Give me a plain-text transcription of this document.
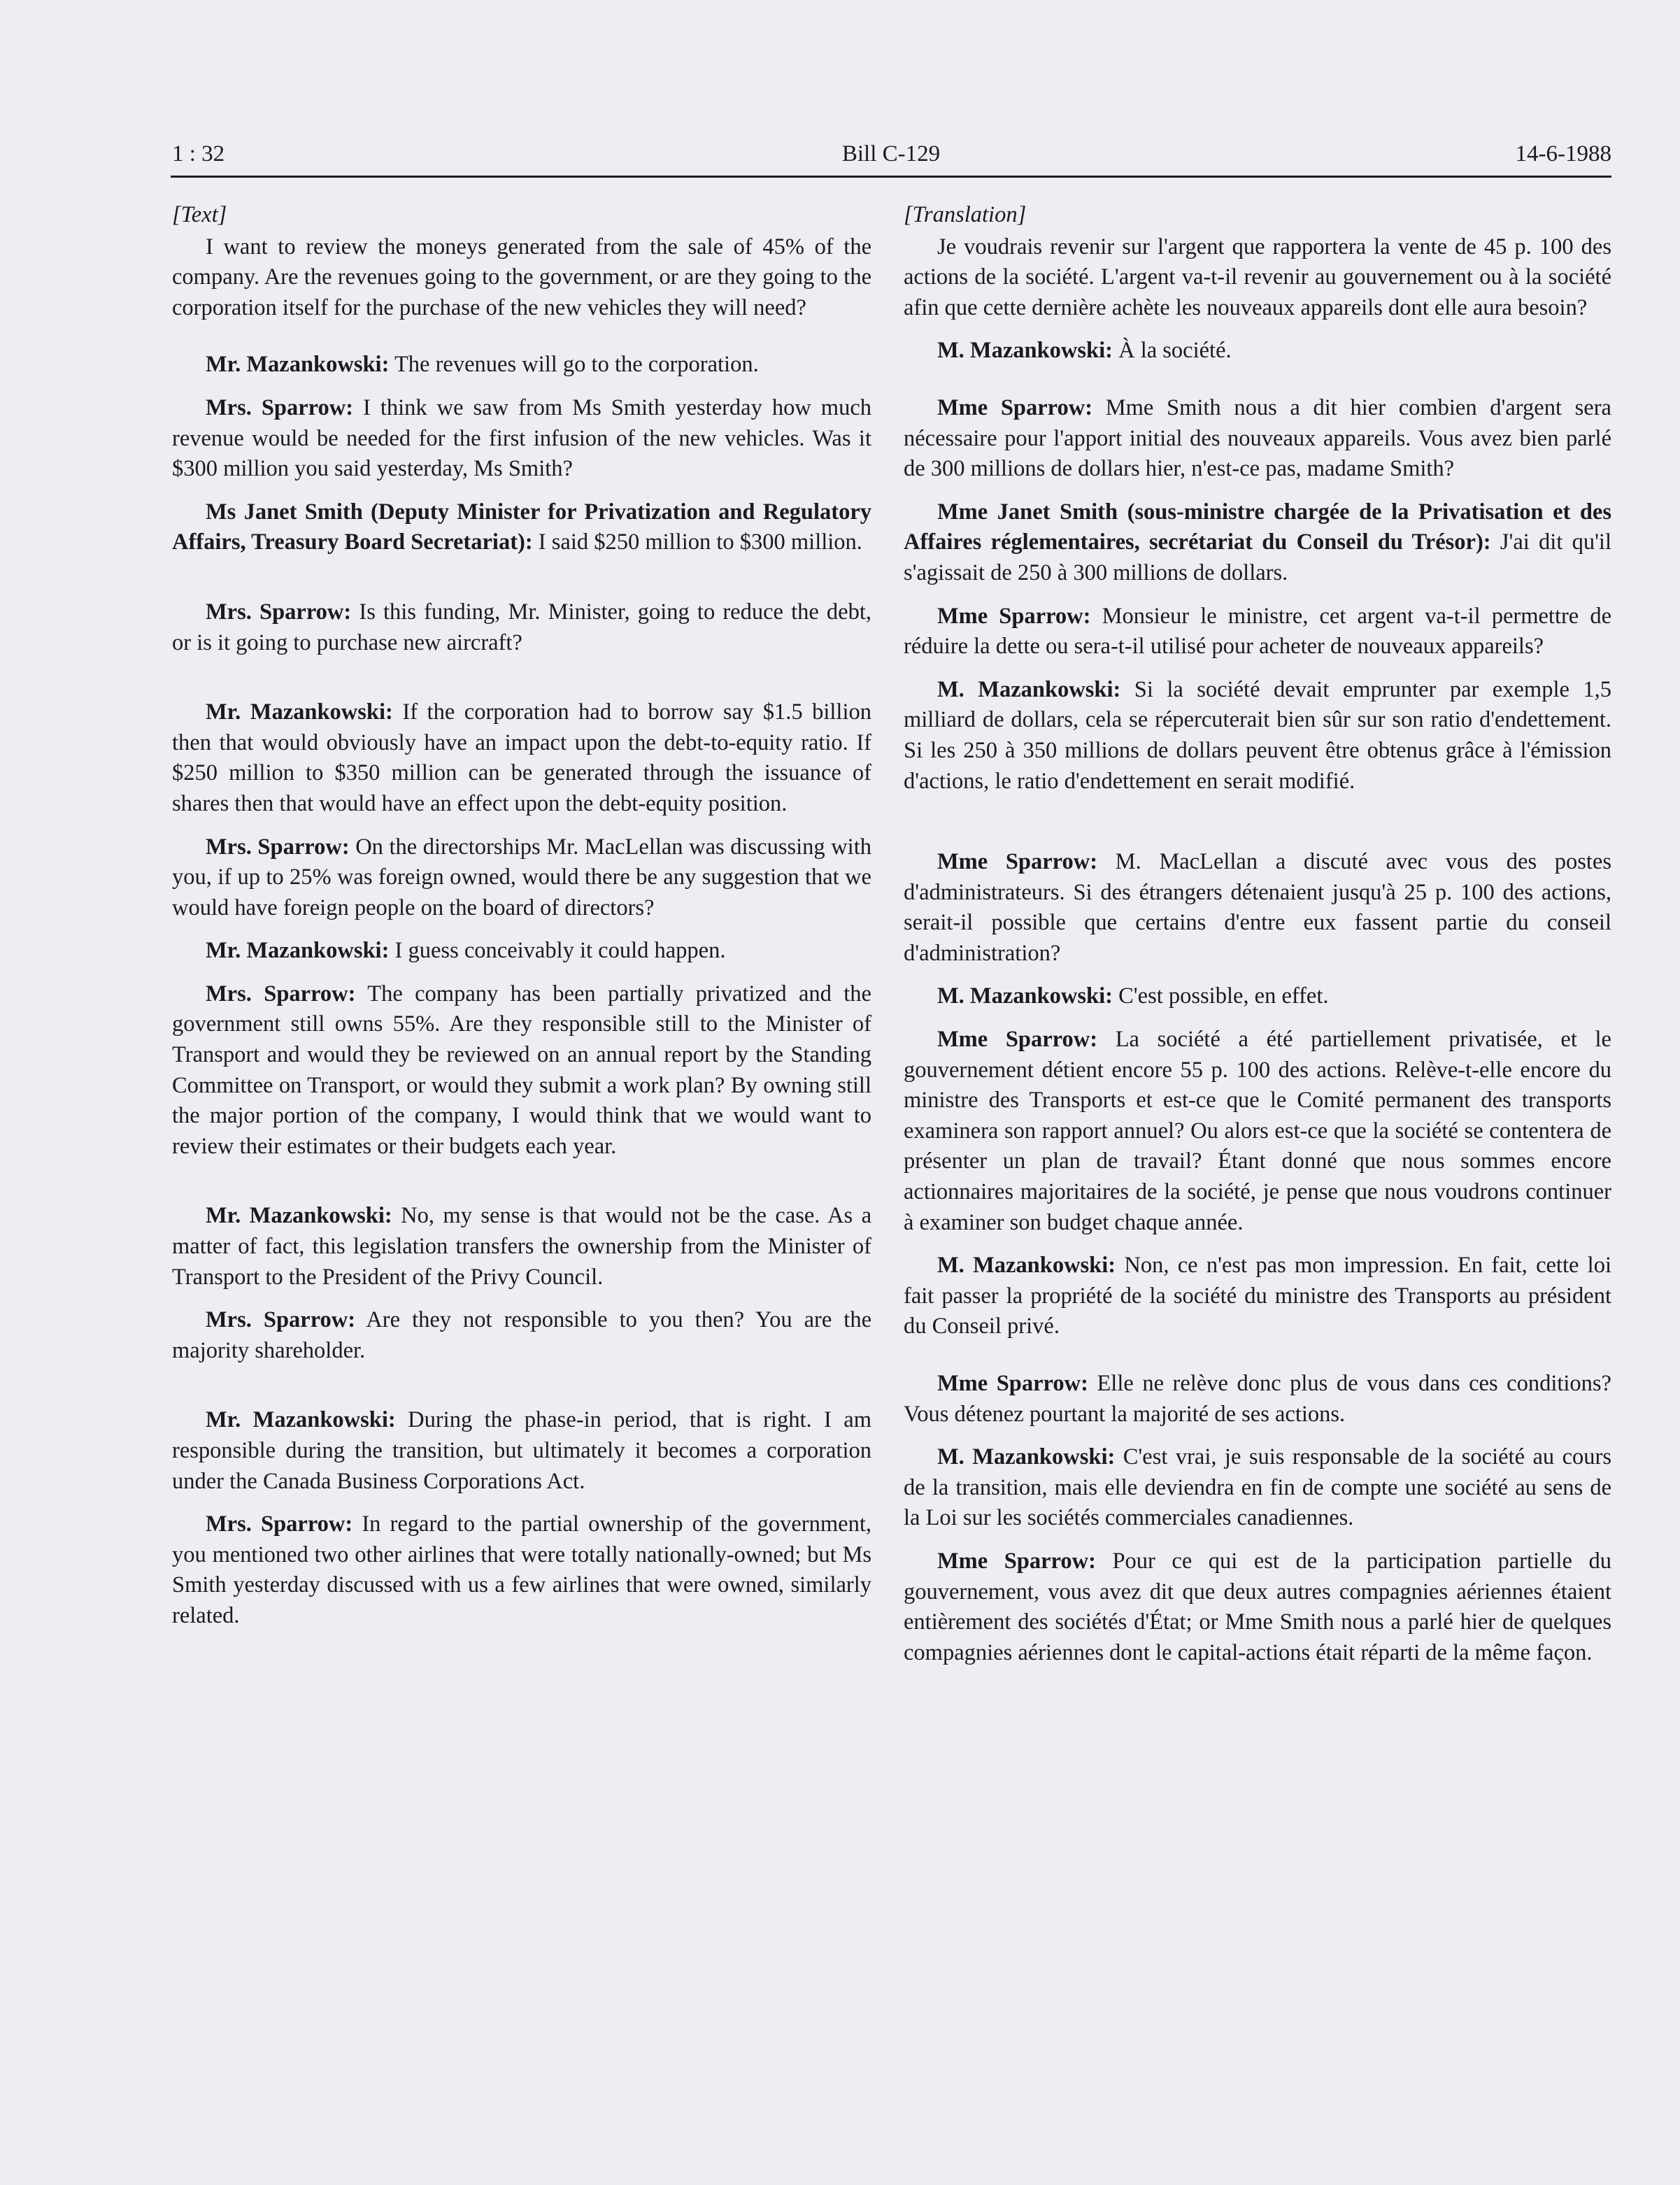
1 : 32	Bill C-129	14-6-1988

[Text]

I want to review the moneys generated from the sale of 45% of the company. Are the revenues going to the government, or are they going to the corporation itself for the purchase of the new vehicles they will need?

Mr. Mazankowski: The revenues will go to the corporation.

Mrs. Sparrow: I think we saw from Ms Smith yesterday how much revenue would be needed for the first infusion of the new vehicles. Was it $300 million you said yesterday, Ms Smith?

Ms Janet Smith (Deputy Minister for Privatization and Regulatory Affairs, Treasury Board Secretariat): I said $250 million to $300 million.

Mrs. Sparrow: Is this funding, Mr. Minister, going to reduce the debt, or is it going to purchase new aircraft?

Mr. Mazankowski: If the corporation had to borrow say $1.5 billion then that would obviously have an impact upon the debt-to-equity ratio. If $250 million to $350 million can be generated through the issuance of shares then that would have an effect upon the debt-equity position.

Mrs. Sparrow: On the directorships Mr. MacLellan was discussing with you, if up to 25% was foreign owned, would there be any suggestion that we would have foreign people on the board of directors?

Mr. Mazankowski: I guess conceivably it could happen.

Mrs. Sparrow: The company has been partially privatized and the government still owns 55%. Are they responsible still to the Minister of Transport and would they be reviewed on an annual report by the Standing Committee on Transport, or would they submit a work plan? By owning still the major portion of the company, I would think that we would want to review their estimates or their budgets each year.

Mr. Mazankowski: No, my sense is that would not be the case. As a matter of fact, this legislation transfers the ownership from the Minister of Transport to the President of the Privy Council.

Mrs. Sparrow: Are they not responsible to you then? You are the majority shareholder.

Mr. Mazankowski: During the phase-in period, that is right. I am responsible during the transition, but ultimately it becomes a corporation under the Canada Business Corporations Act.

Mrs. Sparrow: In regard to the partial ownership of the government, you mentioned two other airlines that were totally nationally-owned; but Ms Smith yesterday discussed with us a few airlines that were owned, similarly related.

[Translation]

Je voudrais revenir sur l'argent que rapportera la vente de 45 p. 100 des actions de la société. L'argent va-t-il revenir au gouvernement ou à la société afin que cette dernière achète les nouveaux appareils dont elle aura besoin?

M. Mazankowski: À la société.

Mme Sparrow: Mme Smith nous a dit hier combien d'argent sera nécessaire pour l'apport initial des nouveaux appareils. Vous avez bien parlé de 300 millions de dollars hier, n'est-ce pas, madame Smith?

Mme Janet Smith (sous-ministre chargée de la Privatisation et des Affaires réglementaires, secrétariat du Conseil du Trésor): J'ai dit qu'il s'agissait de 250 à 300 millions de dollars.

Mme Sparrow: Monsieur le ministre, cet argent va-t-il permettre de réduire la dette ou sera-t-il utilisé pour acheter de nouveaux appareils?

M. Mazankowski: Si la société devait emprunter par exemple 1,5 milliard de dollars, cela se répercuterait bien sûr sur son ratio d'endettement. Si les 250 à 350 millions de dollars peuvent être obtenus grâce à l'émission d'actions, le ratio d'endettement en serait modifié.

Mme Sparrow: M. MacLellan a discuté avec vous des postes d'administrateurs. Si des étrangers détenaient jusqu'à 25 p. 100 des actions, serait-il possible que certains d'entre eux fassent partie du conseil d'administration?

M. Mazankowski: C'est possible, en effet.

Mme Sparrow: La société a été partiellement privatisée, et le gouvernement détient encore 55 p. 100 des actions. Relève-t-elle encore du ministre des Transports et est-ce que le Comité permanent des transports examinera son rapport annuel? Ou alors est-ce que la société se contentera de présenter un plan de travail? Étant donné que nous sommes encore actionnaires majoritaires de la société, je pense que nous voudrons continuer à examiner son budget chaque année.

M. Mazankowski: Non, ce n'est pas mon impression. En fait, cette loi fait passer la propriété de la société du ministre des Transports au président du Conseil privé.

Mme Sparrow: Elle ne relève donc plus de vous dans ces conditions? Vous détenez pourtant la majorité de ses actions.

M. Mazankowski: C'est vrai, je suis responsable de la société au cours de la transition, mais elle deviendra en fin de compte une société au sens de la Loi sur les sociétés commerciales canadiennes.

Mme Sparrow: Pour ce qui est de la participation partielle du gouvernement, vous avez dit que deux autres compagnies aériennes étaient entièrement des sociétés d'État; or Mme Smith nous a parlé hier de quelques compagnies aériennes dont le capital-actions était réparti de la même façon.
